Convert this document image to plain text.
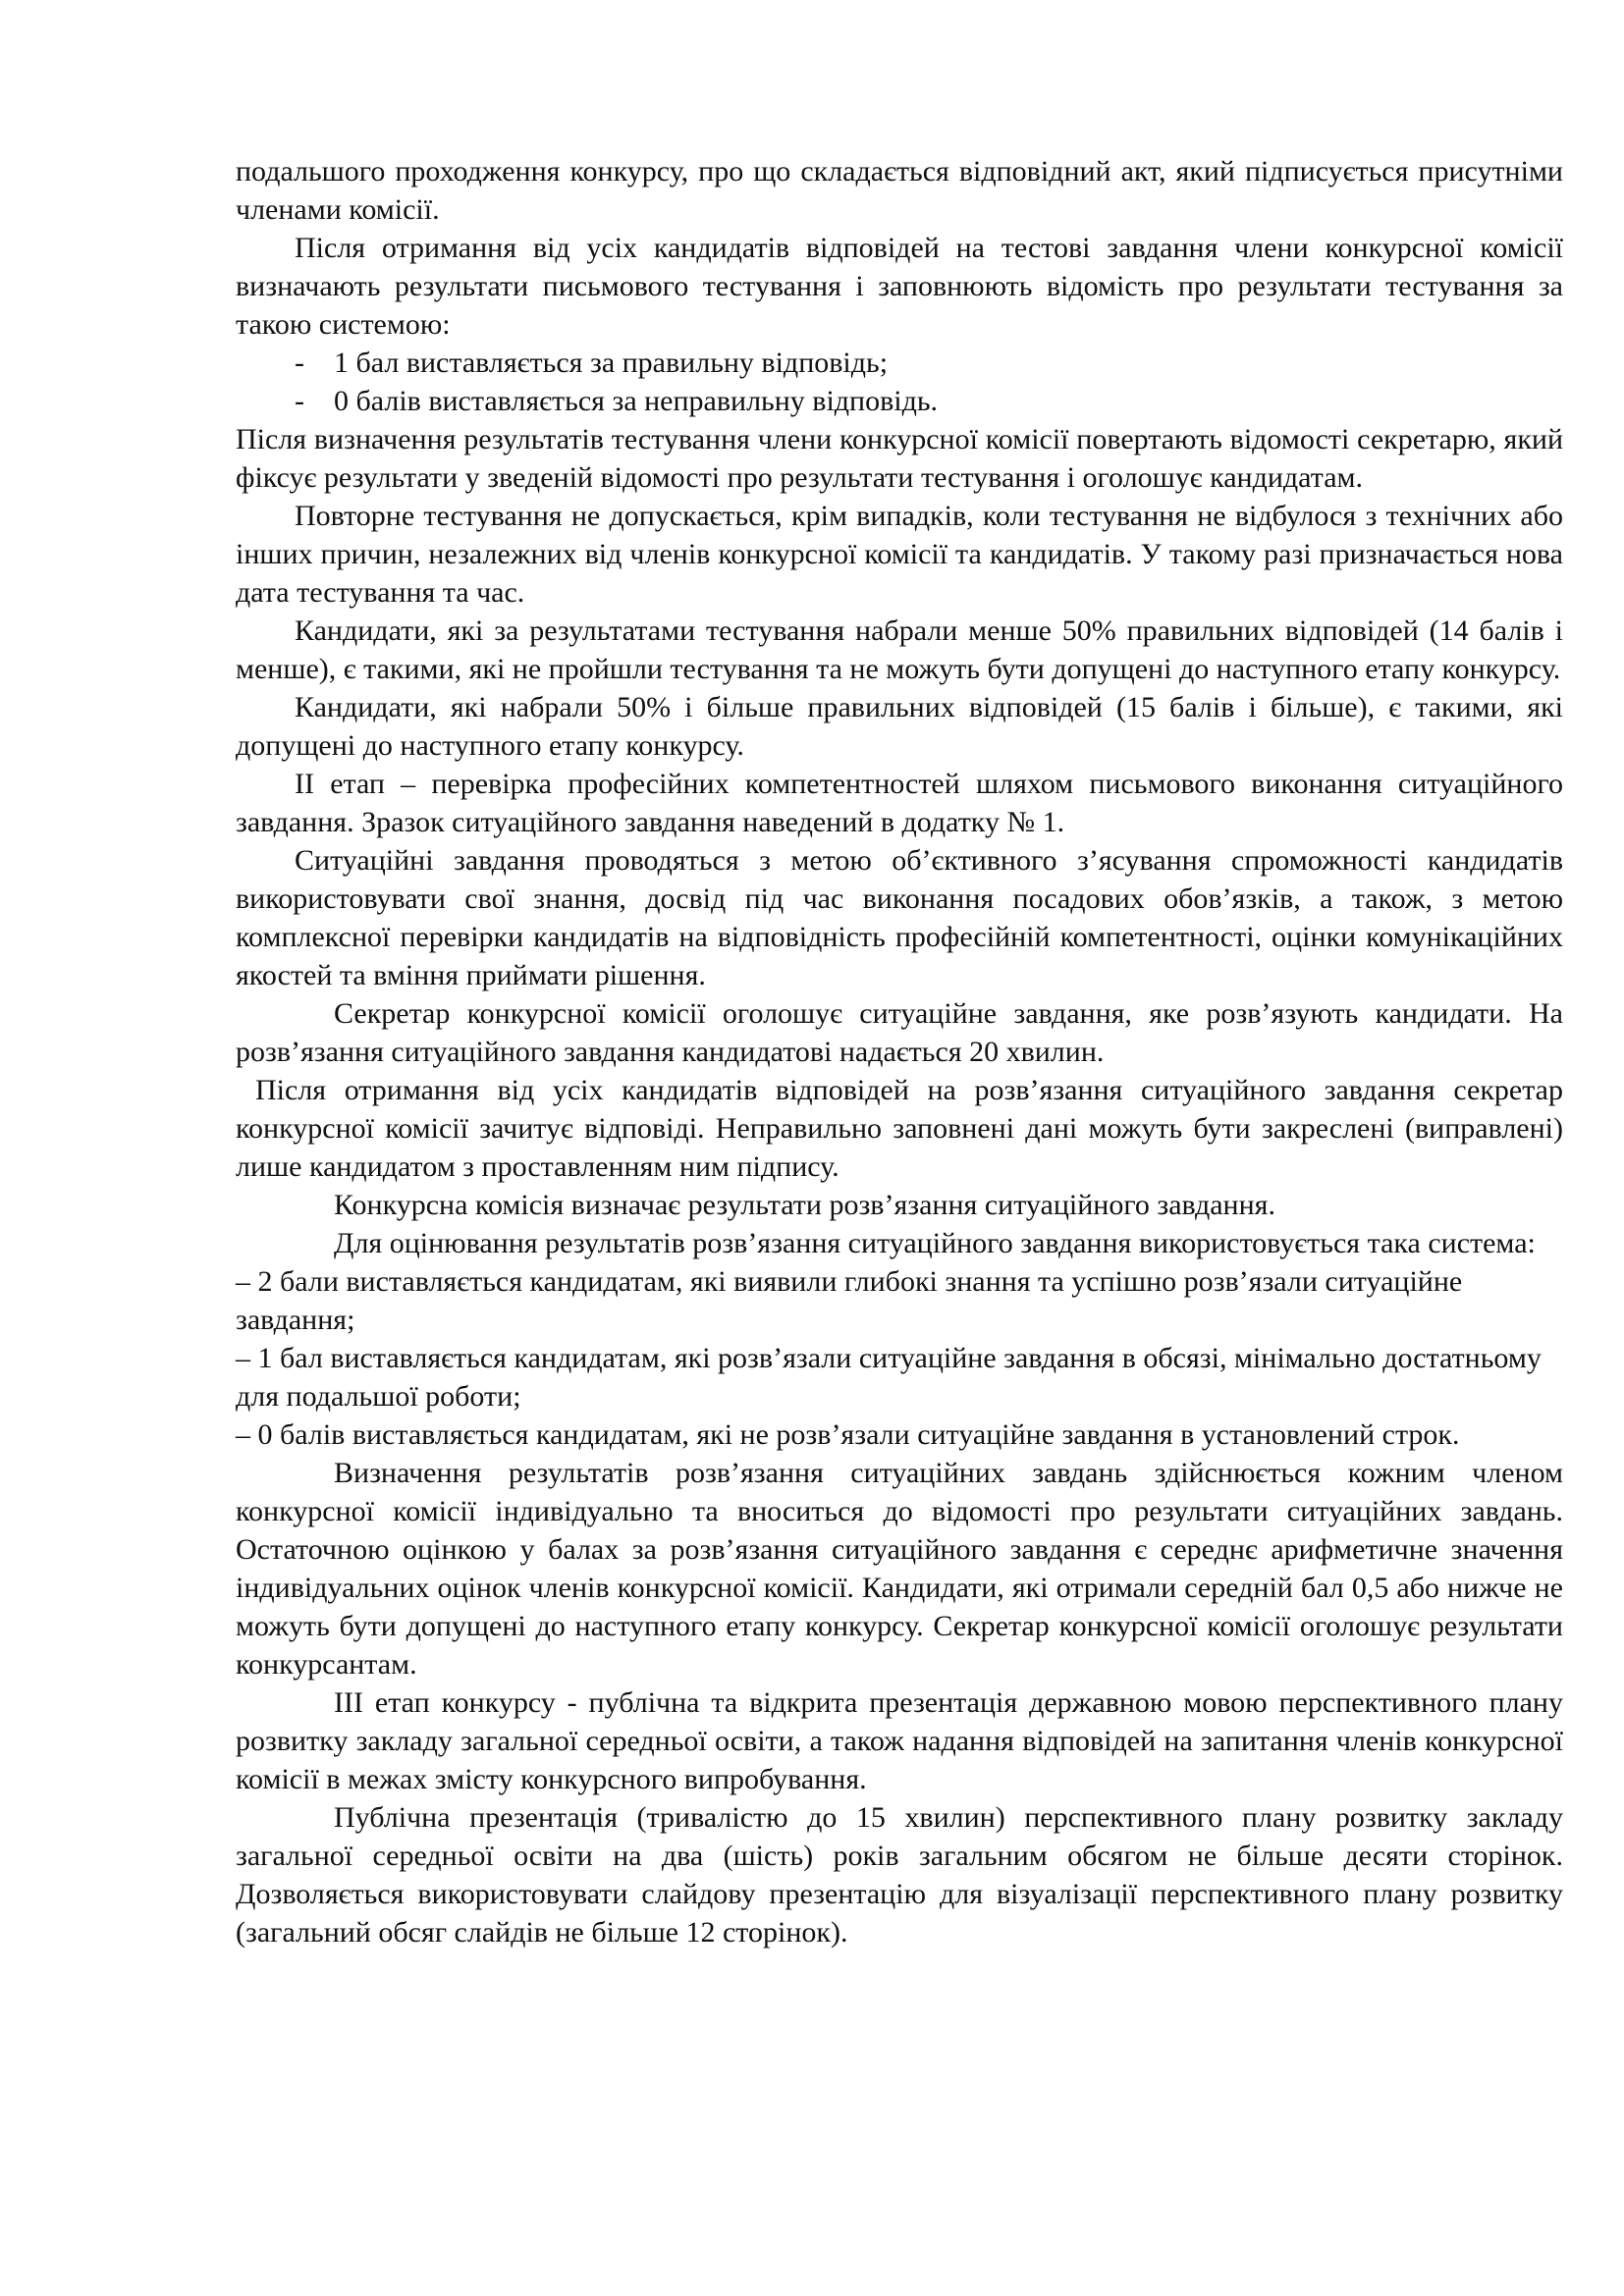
подальшого проходження конкурсу, про що складається відповідний акт, який підписується присутніми членами комісії.

Після отримання від усіх кандидатів відповідей на тестові завдання члени конкурсної комісії визначають результати письмового тестування і заповнюють відомість про результати тестування за такою системою:

- 1 бал виставляється за правильну відповідь;

- 0 балів виставляється за неправильну відповідь.

Після визначення результатів тестування члени конкурсної комісії повертають відомості секретарю, який фіксує результати у зведеній відомості про результати тестування і оголошує кандидатам.

Повторне тестування не допускається, крім випадків, коли тестування не відбулося з технічних або інших причин, незалежних від членів конкурсної комісії та кандидатів. У такому разі призначається нова дата тестування та час.

Кандидати, які за результатами тестування набрали менше 50% правильних відповідей (14 балів і менше), є такими, які не пройшли тестування та не можуть бути допущені до наступного етапу конкурсу.

Кандидати, які набрали 50% і більше правильних відповідей (15 балів і більше), є такими, які допущені до наступного етапу конкурсу.

ІІ етап – перевірка професійних компетентностей шляхом письмового виконання ситуаційного завдання. Зразок ситуаційного завдання наведений в додатку № 1.

Ситуаційні завдання проводяться з метою об’єктивного з’ясування спроможності кандидатів використовувати свої знання, досвід під час виконання посадових обов’язків, а також, з метою комплексної перевірки кандидатів на відповідність професійній компетентності, оцінки комунікаційних якостей та вміння приймати рішення.

Секретар конкурсної комісії оголошує ситуаційне завдання, яке розв’язують кандидати. На розв’язання ситуаційного завдання кандидатові надається 20 хвилин.

Після отримання від усіх кандидатів відповідей на розв’язання ситуаційного завдання секретар конкурсної комісії зачитує відповіді. Неправильно заповнені дані можуть бути закреслені (виправлені) лише кандидатом з проставленням ним підпису.

Конкурсна комісія визначає результати розв’язання ситуаційного завдання.

Для оцінювання результатів розв’язання ситуаційного завдання використовується така система:

– 2 бали виставляється кандидатам, які виявили глибокі знання та успішно розв’язали ситуаційне завдання;

– 1 бал виставляється кандидатам, які розв’язали ситуаційне завдання в обсязі, мінімально достатньому для подальшої роботи;

– 0 балів виставляється кандидатам, які не розв’язали ситуаційне завдання в установлений строк.

Визначення результатів розв’язання ситуаційних завдань здійснюється кожним членом конкурсної комісії індивідуально та вноситься до відомості про результати ситуаційних завдань. Остаточною оцінкою у балах за розв’язання ситуаційного завдання є середнє арифметичне значення індивідуальних оцінок членів конкурсної комісії. Кандидати, які отримали середній бал 0,5 або нижче не можуть бути допущені до наступного етапу конкурсу. Секретар конкурсної комісії оголошує результати конкурсантам.

ІІІ етап конкурсу - публічна та відкрита презентація державною мовою перспективного плану розвитку закладу загальної середньої освіти, а також надання відповідей на запитання членів конкурсної комісії в межах змісту конкурсного випробування.

Публічна презентація (тривалістю до 15 хвилин) перспективного плану розвитку закладу загальної середньої освіти на два (шість) років загальним обсягом не більше десяти сторінок. Дозволяється використовувати слайдову презентацію для візуалізації перспективного плану розвитку (загальний обсяг слайдів не більше 12 сторінок).
